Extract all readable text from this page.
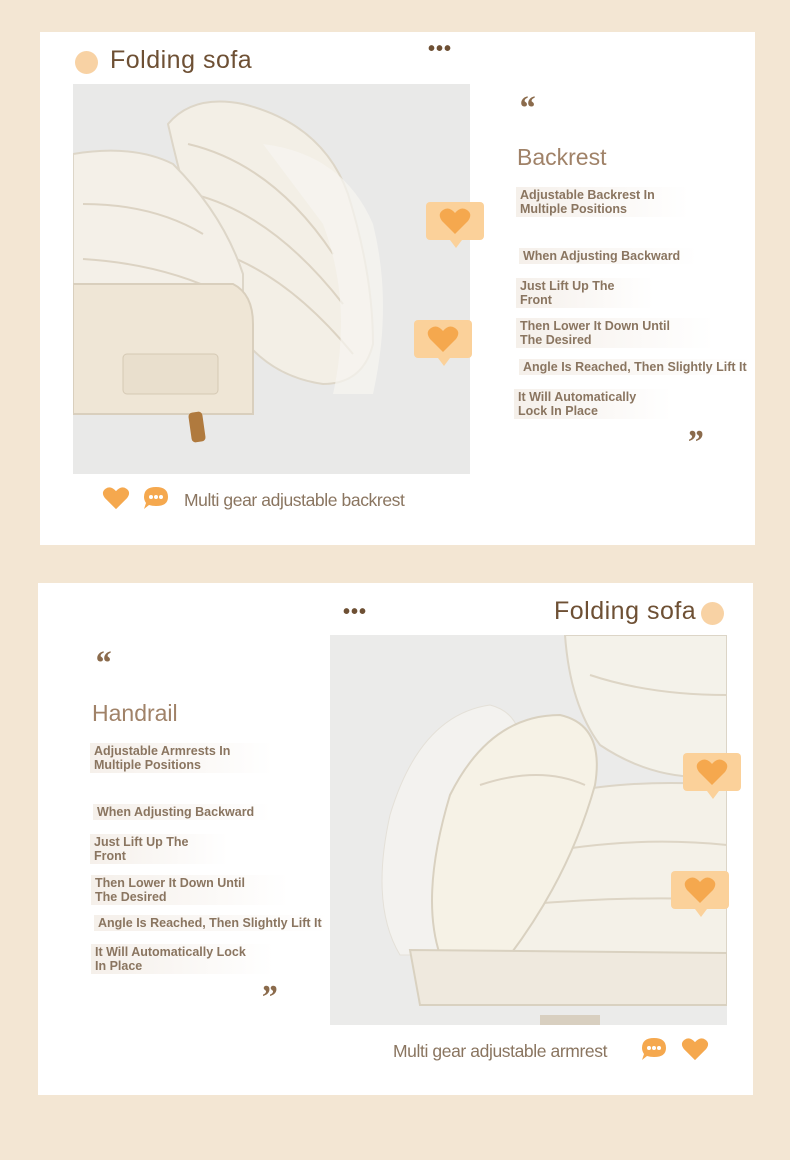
Folding sofa	•••
“
Backrest
Adjustable Backrest In
Multiple Positions
When Adjusting Backward
Just Lift Up The
Front
Then Lower It Down Until
The Desired
Angle Is Reached, Then Slightly Lift It
It Will Automatically
Lock In Place
”
Multi gear adjustable backrest
•••	Folding sofa
“
Handrail
Adjustable Armrests In
Multiple Positions
When Adjusting Backward
Just Lift Up The
Front
Then Lower It Down Until
The Desired
Angle Is Reached, Then Slightly Lift It
It Will Automatically Lock
In Place
”
Multi gear adjustable armrest
